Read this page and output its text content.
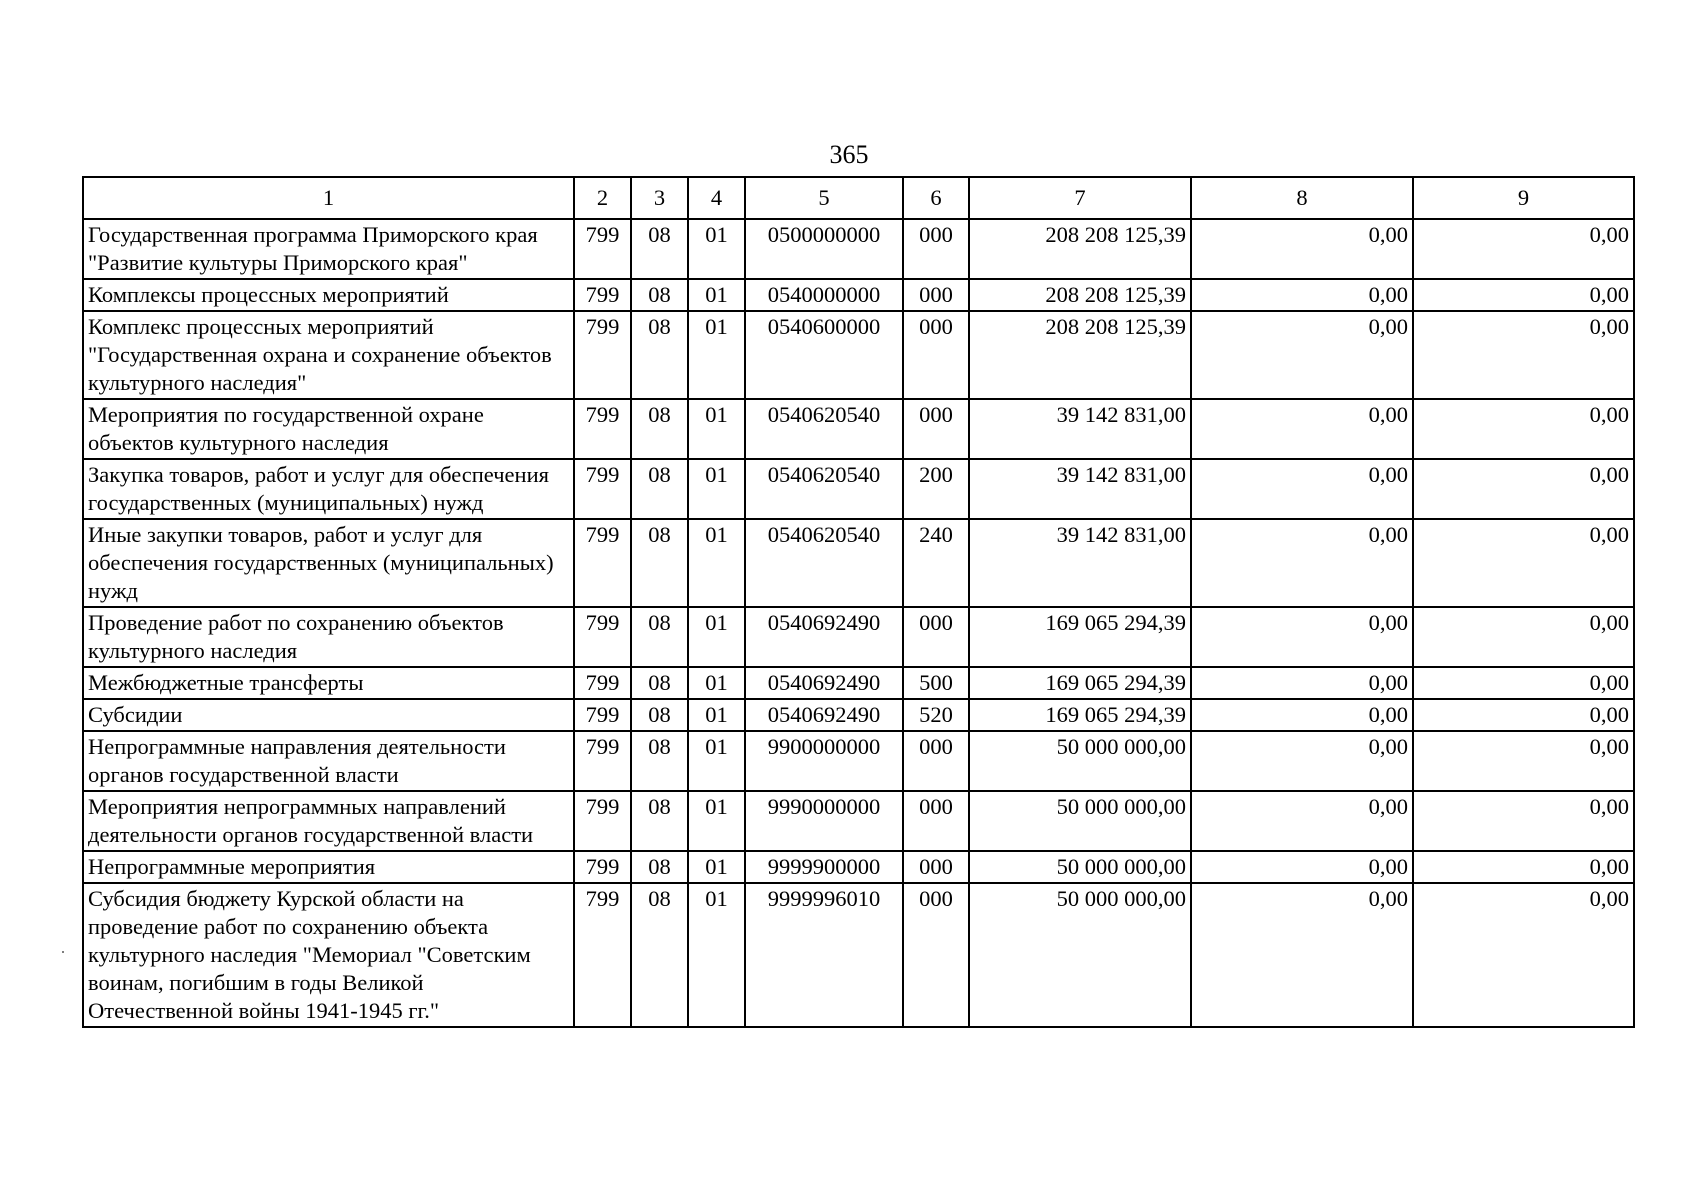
365
1	2	3	4	5	6	7	8	9
Государственная программа Приморского края "Развитие культуры Приморского края"	799	08	01	0500000000	000	208 208 125,39	0,00	0,00
Комплексы процессных мероприятий	799	08	01	0540000000	000	208 208 125,39	0,00	0,00
Комплекс процессных мероприятий "Государственная охрана и сохранение объектов культурного наследия"	799	08	01	0540600000	000	208 208 125,39	0,00	0,00
Мероприятия по государственной охране объектов культурного наследия	799	08	01	0540620540	000	39 142 831,00	0,00	0,00
Закупка товаров, работ и услуг для обеспечения государственных (муниципальных) нужд	799	08	01	0540620540	200	39 142 831,00	0,00	0,00
Иные закупки товаров, работ и услуг для обеспечения государственных (муниципальных) нужд	799	08	01	0540620540	240	39 142 831,00	0,00	0,00
Проведение работ по сохранению объектов культурного наследия	799	08	01	0540692490	000	169 065 294,39	0,00	0,00
Межбюджетные трансферты	799	08	01	0540692490	500	169 065 294,39	0,00	0,00
Субсидии	799	08	01	0540692490	520	169 065 294,39	0,00	0,00
Непрограммные направления деятельности органов государственной власти	799	08	01	9900000000	000	50 000 000,00	0,00	0,00
Мероприятия непрограммных направлений деятельности органов государственной власти	799	08	01	9990000000	000	50 000 000,00	0,00	0,00
Непрограммные мероприятия	799	08	01	9999900000	000	50 000 000,00	0,00	0,00
Субсидия бюджету Курской области на проведение работ по сохранению объекта культурного наследия "Мемориал "Советским воинам, погибшим в годы Великой Отечественной войны 1941-1945 гг."	799	08	01	9999996010	000	50 000 000,00	0,00	0,00
